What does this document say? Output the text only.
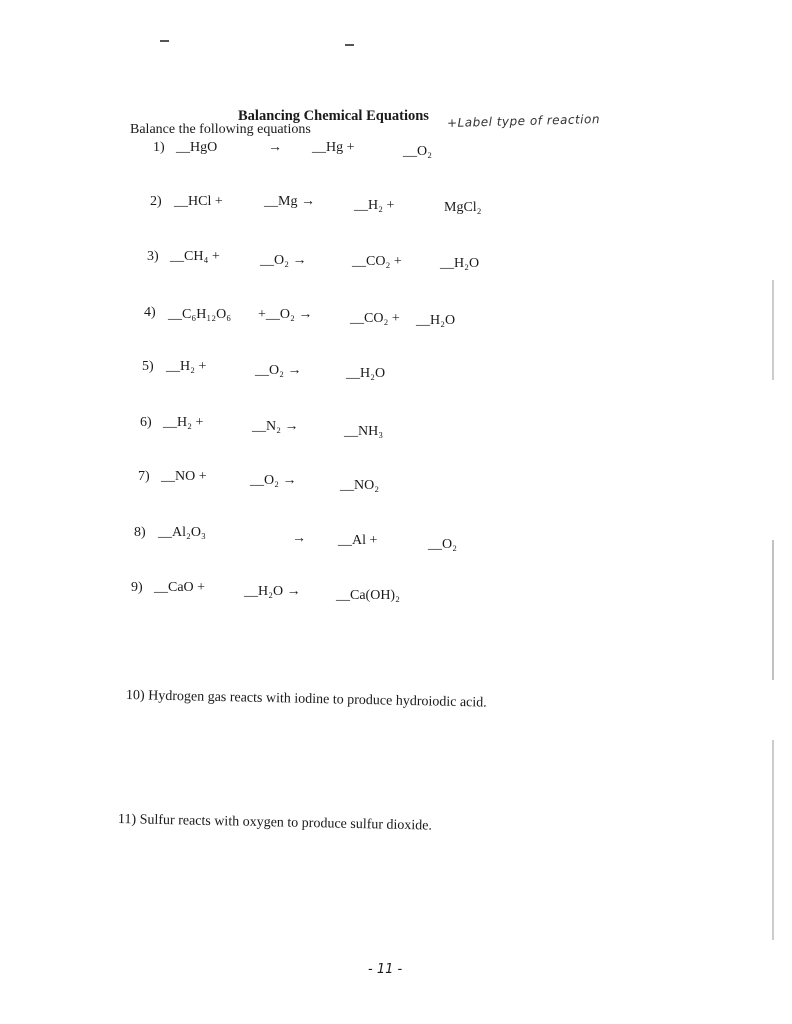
Balancing Chemical Equations +Label type of reaction
Balance the following equations
1) __HgO	→ __Hg +	__O₂
2) __HCl +	__Mg →	__H₂ +	MgCl₂
3) __CH₄ +	__O₂ →	__CO₂ +	__H₂O
4) __C₆H₁₂O₆ +__O₂ →	__CO₂ + __H₂O
5) __H₂ +	__O₂ →	__H₂O
6) __H₂ +	__N₂ →	__NH₃
7) __NO +	__O₂ →	__NO₂
8) __Al₂O₃	→ __Al +	__O₂
9) __CaO +	__H₂O →	__Ca(OH)₂
10) Hydrogen gas reacts with iodine to produce hydroiodic acid.
11) Sulfur reacts with oxygen to produce sulfur dioxide.
- 11 -
